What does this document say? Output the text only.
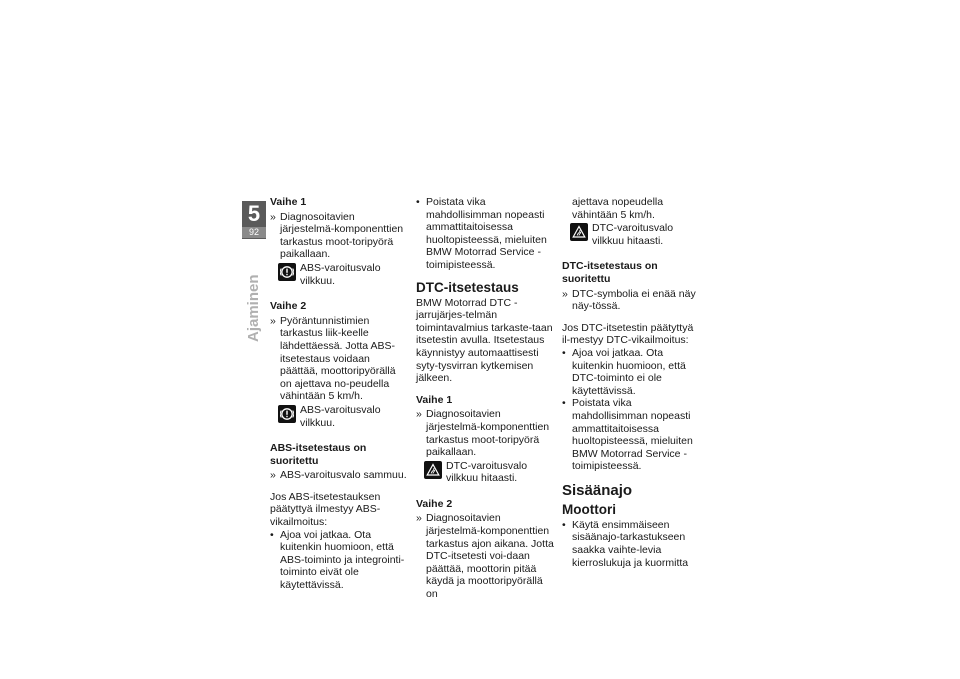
5
92
Ajaminen
Vaihe 1
» Diagnosoitavien järjestelmä-komponenttien tarkastus moot-toripyörä paikallaan.
ABS-varoitusvalo vilkkuu.
Vaihe 2
» Pyöräntunnistimien tarkastus liik-keelle lähdettäessä. Jotta ABS-itsetestaus voidaan päättää, moottoripyörällä on ajettava no-peudella vähintään 5 km/h.
ABS-varoitusvalo vilkkuu.
ABS-itsetestaus on suoritettu
» ABS-varoitusvalo sammuu.

Jos ABS-itsetestauksen päätyttyä ilmestyy ABS-vikailmoitus:

• Ajoa voi jatkaa. Ota kuitenkin huomioon, että ABS-toiminto ja integrointi-toiminto eivät ole käytettävissä.
• Poistata vika mahdollisimman nopeasti ammattitaitoisessa huoltopisteessä, mieluiten BMW Motorrad Service -toimipisteessä.
DTC-itsetestaus

BMW Motorrad DTC -jarrujärjes-telmän toimintavalmius tarkaste-taan itsetestin avulla. Itsetestaus käynnistyy automaattisesti syty-tysvirran kytkemisen jälkeen.

Vaihe 1
» Diagnosoitavien järjestelmä-komponenttien tarkastus moot-toripyörä paikallaan.
DTC-varoitusvalo vilkkuu hitaasti.
Vaihe 2
» Diagnosoitavien järjestelmä-komponenttien tarkastus ajon aikana. Jotta DTC-itsetesti voi-daan päättää, moottorin pitää käydä ja moottoripyörällä on
ajettava nopeudella vähintään 5 km/h.
DTC-varoitusvalo vilkkuu hitaasti.
DTC-itsetestaus on suoritettu
» DTC-symbolia ei enää näy näy-tössä.

Jos DTC-itsetestin päätyttyä il-mestyy DTC-vikailmoitus:

• Ajoa voi jatkaa. Ota kuitenkin huomioon, että DTC-toiminto ei ole käytettävissä.
• Poistata vika mahdollisimman nopeasti ammattitaitoisessa huoltopisteessä, mieluiten BMW Motorrad Service -toimipisteessä.
Sisäänajo
Moottori
• Käytä ensimmäiseen sisäänajo-tarkastukseen saakka vaihte-levia kierroslukuja ja kuormitta
